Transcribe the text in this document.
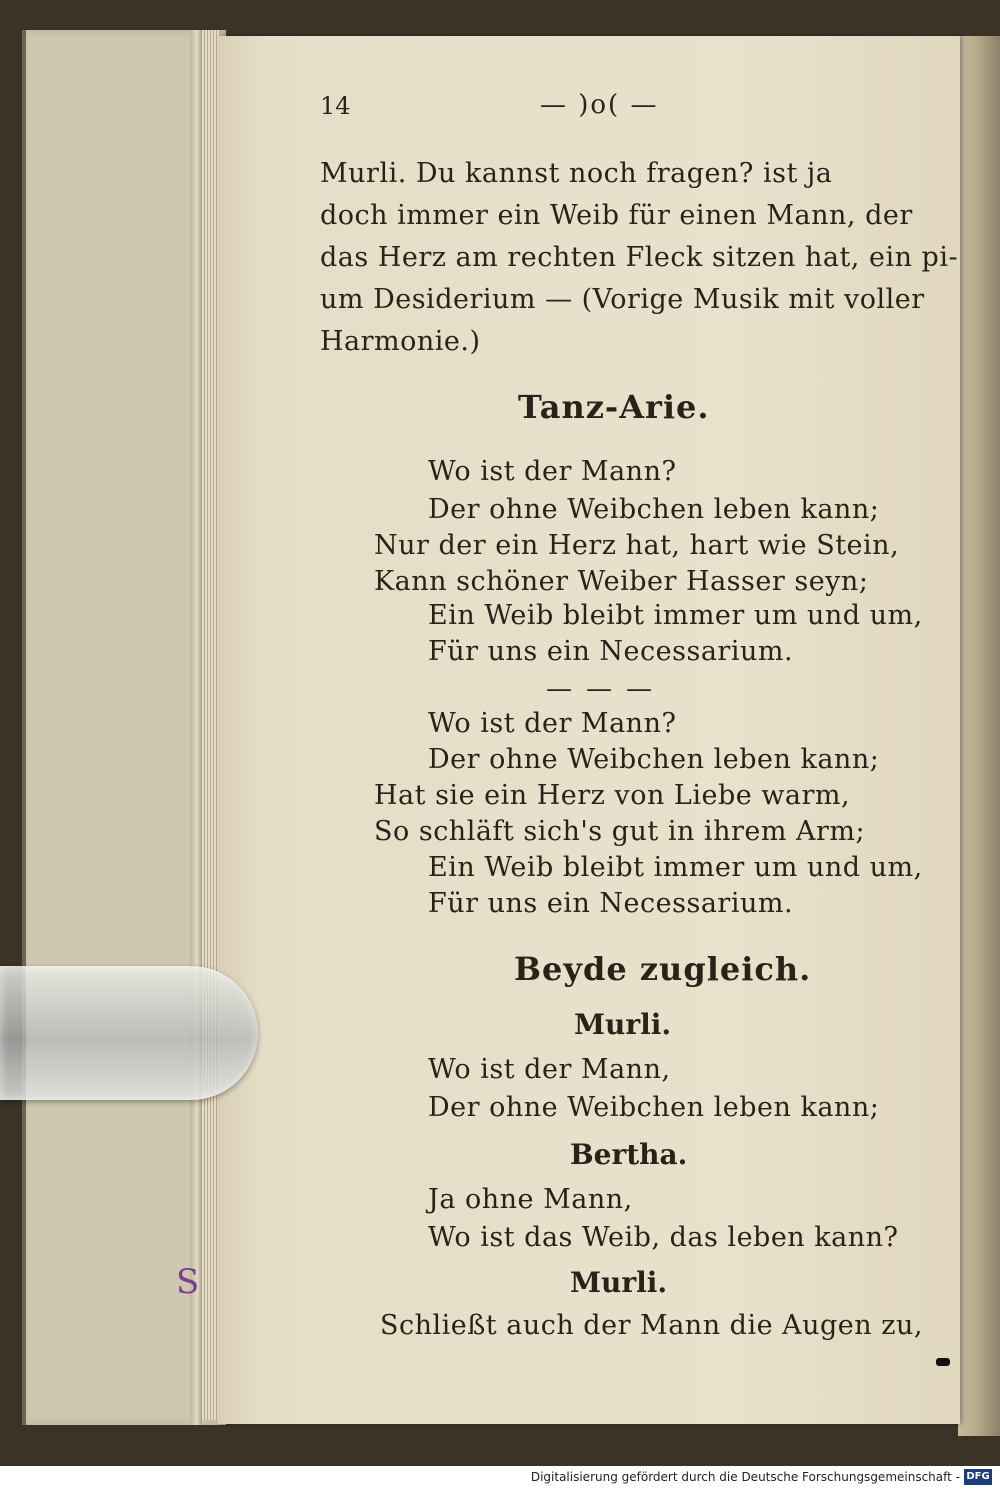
S
14	— )o( —
Murli. Du kannst noch fragen? ist ja
doch immer ein Weib für einen Mann, der
das Herz am rechten Fleck sitzen hat, ein pi-
um Desiderium — (Vorige Musik mit voller
Harmonie.)
Tanz-Arie.
Wo ist der Mann?
Der ohne Weibchen leben kann;
Nur der ein Herz hat, hart wie Stein,
Kann schöner Weiber Hasser seyn;
Ein Weib bleibt immer um und um,
Für uns ein Necessarium.
———
Wo ist der Mann?
Der ohne Weibchen leben kann;
Hat sie ein Herz von Liebe warm,
So schläft sich's gut in ihrem Arm;
Ein Weib bleibt immer um und um,
Für uns ein Necessarium.
Beyde zugleich.
Murli.
Wo ist der Mann,
Der ohne Weibchen leben kann;
Bertha.
Ja ohne Mann,
Wo ist das Weib, das leben kann?
Murli.
Schließt auch der Mann die Augen zu,
Digitalisierung gefördert durch die Deutsche Forschungsgemeinschaft - DFG
